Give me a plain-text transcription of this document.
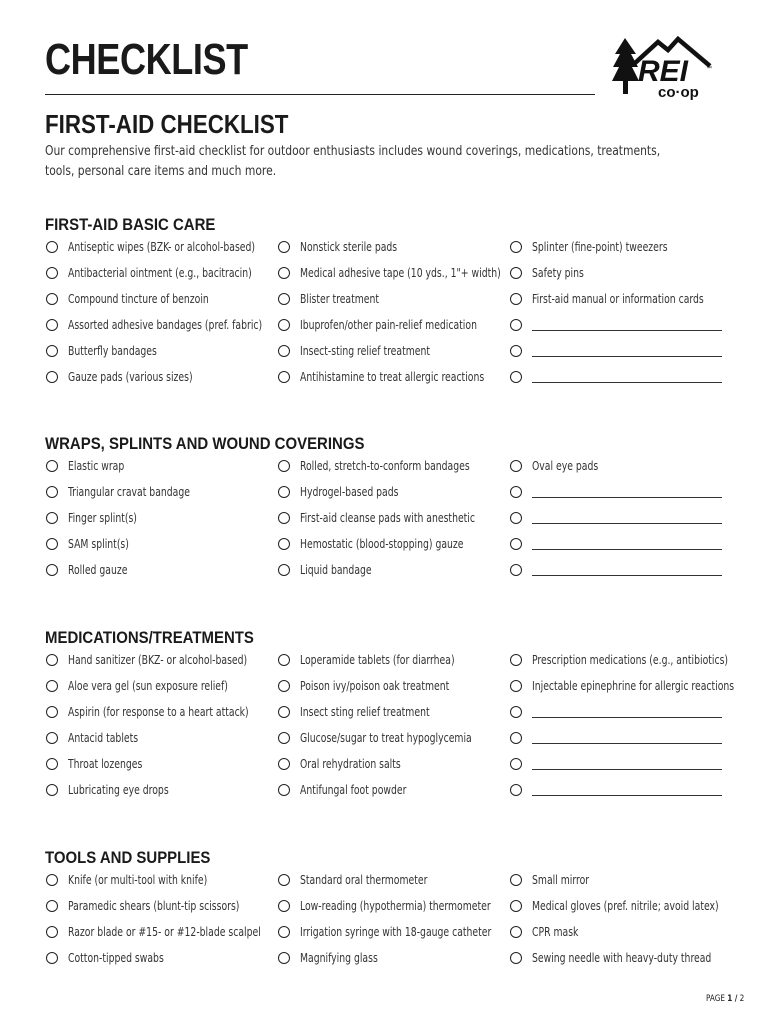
CHECKLIST	REI	™
co·op
FIRST-AID CHECKLIST

Our comprehensive first-aid checklist for outdoor enthusiasts includes wound coverings, medications, treatments, tools, personal care items and much more.

FIRST-AID BASIC CARE
Antiseptic wipes (BZK- or alcohol-based)
Antibacterial ointment (e.g., bacitracin)
Compound tincture of benzoin
Assorted adhesive bandages (pref. fabric)
Butterfly bandages
Gauze pads (various sizes)
Nonstick sterile pads
Medical adhesive tape (10 yds., 1"+ width)
Blister treatment
Ibuprofen/other pain-relief medication
Insect-sting relief treatment
Antihistamine to treat allergic reactions
Splinter (fine-point) tweezers
Safety pins
First-aid manual or information cards
WRAPS, SPLINTS AND WOUND COVERINGS
Elastic wrap
Triangular cravat bandage
Finger splint(s)
SAM splint(s)
Rolled gauze
Rolled, stretch-to-conform bandages
Hydrogel-based pads
First-aid cleanse pads with anesthetic
Hemostatic (blood-stopping) gauze
Liquid bandage
Oval eye pads
MEDICATIONS/TREATMENTS
Hand sanitizer (BKZ- or alcohol-based)
Aloe vera gel (sun exposure relief)
Aspirin (for response to a heart attack)
Antacid tablets
Throat lozenges
Lubricating eye drops
Loperamide tablets (for diarrhea)
Poison ivy/poison oak treatment
Insect sting relief treatment
Glucose/sugar to treat hypoglycemia
Oral rehydration salts
Antifungal foot powder
Prescription medications (e.g., antibiotics)
Injectable epinephrine for allergic reactions
TOOLS AND SUPPLIES
Knife (or multi-tool with knife)
Paramedic shears (blunt-tip scissors)
Razor blade or #15- or #12-blade scalpel
Cotton-tipped swabs
Standard oral thermometer
Low-reading (hypothermia) thermometer
Irrigation syringe with 18-gauge catheter
Magnifying glass
Small mirror
Medical gloves (pref. nitrile; avoid latex)
CPR mask
Sewing needle with heavy-duty thread
PAGE 1 / 2
